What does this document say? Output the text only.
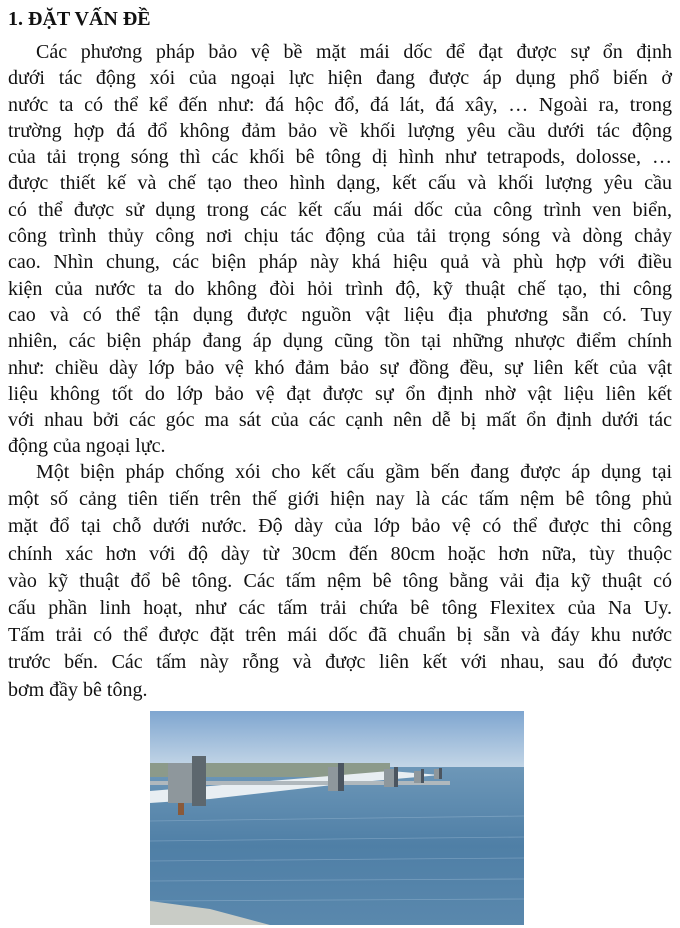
1. ĐẶT VẤN ĐỀ
Các phương pháp bảo vệ bề mặt mái dốc để đạt được sự ổn định
dưới tác động xói của ngoại lực hiện đang được áp dụng phổ biến ở
nước ta có thể kể đến như: đá hộc đổ, đá lát, đá xây, … Ngoài ra, trong
trường hợp đá đổ không đảm bảo về khối lượng yêu cầu dưới tác động
của tải trọng sóng thì các khối bê tông dị hình như tetrapods, dolosse, …
được thiết kế và chế tạo theo hình dạng, kết cấu và khối lượng yêu cầu
có thể được sử dụng trong các kết cấu mái dốc của công trình ven biển,
công trình thủy công nơi chịu tác động của tải trọng sóng và dòng chảy
cao. Nhìn chung, các biện pháp này khá hiệu quả và phù hợp với điều
kiện của nước ta do không đòi hỏi trình độ, kỹ thuật chế tạo, thi công
cao và có thể tận dụng được nguồn vật liệu địa phương sẵn có. Tuy
nhiên, các biện pháp đang áp dụng cũng tồn tại những nhược điểm chính
như: chiều dày lớp bảo vệ khó đảm bảo sự đồng đều, sự liên kết của vật
liệu không tốt do lớp bảo vệ đạt được sự ổn định nhờ vật liệu liên kết
với nhau bởi các góc ma sát của các cạnh nên dễ bị mất ổn định dưới tác
động của ngoại lực.
Một biện pháp chống xói cho kết cấu gầm bến đang được áp dụng tại
một số cảng tiên tiến trên thế giới hiện nay là các tấm nệm bê tông phủ
mặt đổ tại chỗ dưới nước. Độ dày của lớp bảo vệ có thể được thi công
chính xác hơn với độ dày từ 30cm đến 80cm hoặc hơn nữa, tùy thuộc
vào kỹ thuật đổ bê tông. Các tấm nệm bê tông bằng vải địa kỹ thuật có
cấu phần linh hoạt, như các tấm trải chứa bê tông Flexitex của Na Uy.
Tấm trải có thể được đặt trên mái dốc đã chuẩn bị sẵn và đáy khu nước
trước bến. Các tấm này rỗng và được liên kết với nhau, sau đó được
bơm đầy bê tông.
